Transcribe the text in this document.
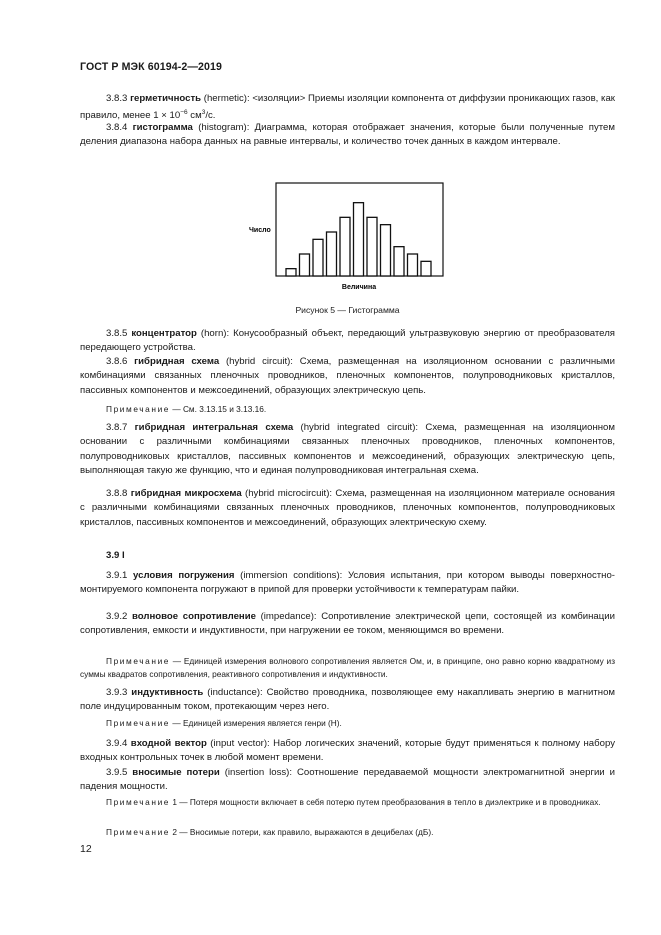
ГОСТ Р МЭК 60194-2—2019
3.8.3 герметичность (hermetic): <изоляции> Приемы изоляции компонента от диффузии проникающих газов, как правило, менее $1 \times 10^{-6}$ $см^3/с$.
3.8.4 гистограмма (histogram): Диаграмма, которая отображает значения, которые были полученные путем деления диапазона набора данных на равные интервалы, и количество точек данных в каждом интервале.
Число
Величина
Рисунок 5 — Гистограмма
3.8.5 концентратор (horn): Конусообразный объект, передающий ультразвуковую энергию от преобразователя передающего устройства.
3.8.6 гибридная схема (hybrid circuit): Схема, размещенная на изоляционном основании с различными комбинациями связанных пленочных проводников, пленочных компонентов, полупроводниковых кристаллов, пассивных компонентов и межсоединений, образующих электрическую цепь.
Примечание — См. 3.13.15 и 3.13.16.
3.8.7 гибридная интегральная схема (hybrid integrated circuit): Схема, размещенная на изоляционном основании с различными комбинациями связанных пленочных проводников, пленочных компонентов, полупроводниковых кристаллов, пассивных компонентов и межсоединений, образующих электрическую цепь, выполняющая такую же функцию, что и единая полупроводниковая интегральная схема.
3.8.8 гибридная микросхема (hybrid microcircuit): Схема, размещенная на изоляционном материале основания с различными комбинациями связанных пленочных проводников, пленочных компонентов, полупроводниковых кристаллов, пассивных компонентов и межсоединений, образующих электрическую схему.
3.9 I
3.9.1 условия погружения (immersion conditions): Условия испытания, при котором выводы поверхностно-монтируемого компонента погружают в припой для проверки устойчивости к температурам пайки.
3.9.2 волновое сопротивление (impedance): Сопротивление электрической цепи, состоящей из комбинации сопротивления, емкости и индуктивности, при нагружении ее током, меняющимся во времени.
Примечание — Единицей измерения волнового сопротивления является Ом, и, в принципе, оно равно корню квадратному из суммы квадратов сопротивления, реактивного сопротивления и индуктивности.
3.9.3 индуктивность (inductance): Свойство проводника, позволяющее ему накапливать энергию в магнитном поле индуцированным током, протекающим через него.
Примечание — Единицей измерения является генри (Н).
3.9.4 входной вектор (input vector): Набор логических значений, которые будут применяться к полному набору входных контрольных точек в любой момент времени.
3.9.5 вносимые потери (insertion loss): Соотношение передаваемой мощности электромагнитной энергии и падения мощности.
Примечание 1 — Потеря мощности включает в себя потерю путем преобразования в тепло в диэлектрике и в проводниках.
Примечание 2 — Вносимые потери, как правило, выражаются в децибелах (дБ).
12
